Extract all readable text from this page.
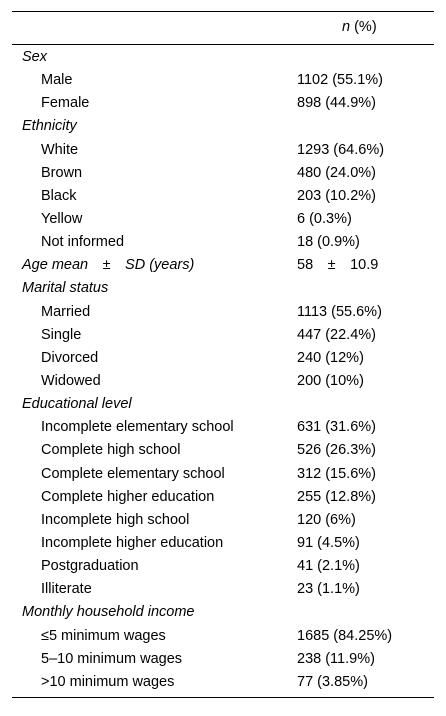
n (%)
Sex
Male	1102 (55.1%)
Female	898 (44.9%)
Ethnicity
White	1293 (64.6%)
Brown	480 (24.0%)
Black	203 (10.2%)
Yellow	6 (0.3%)
Not informed	18 (0.9%)
Age mean ± SD (years)	58 ± 10.9
Marital status
Married	1113 (55.6%)
Single	447 (22.4%)
Divorced	240 (12%)
Widowed	200 (10%)
Educational level
Incomplete elementary school	631 (31.6%)
Complete high school	526 (26.3%)
Complete elementary school	312 (15.6%)
Complete higher education	255 (12.8%)
Incomplete high school	120 (6%)
Incomplete higher education	91 (4.5%)
Postgraduation	41 (2.1%)
Illiterate	23 (1.1%)
Monthly household income
≤5 minimum wages	1685 (84.25%)
5–10 minimum wages	238 (11.9%)
>10 minimum wages	77 (3.85%)
